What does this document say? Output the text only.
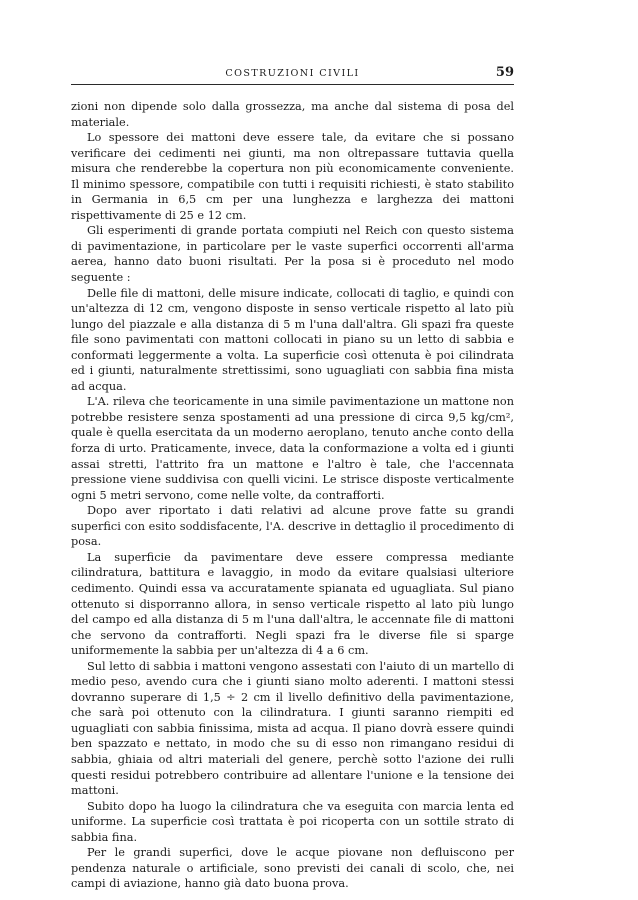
COSTRUZIONI CIVILI	59

zioni non dipende solo dalla grossezza, ma anche dal sistema di posa del materiale.

Lo spessore dei mattoni deve essere tale, da evitare che si possano verificare dei cedimenti nei giunti, ma non oltrepassare tuttavia quella misura che renderebbe la copertura non più economicamente conveniente. Il minimo spessore, compatibile con tutti i requisiti richiesti, è stato stabilito in Germania in 6,5 cm per una lunghezza e larghezza dei mattoni rispettivamente di 25 e 12 cm.

Gli esperimenti di grande portata compiuti nel Reich con questo sistema di pavimentazione, in particolare per le vaste superfici occorrenti all'arma aerea, hanno dato buoni risultati. Per la posa si è proceduto nel modo seguente :

Delle file di mattoni, delle misure indicate, collocati di taglio, e quindi con un'altezza di 12 cm, vengono disposte in senso verticale rispetto al lato più lungo del piazzale e alla distanza di 5 m l'una dall'altra. Gli spazi fra queste file sono pavimentati con mattoni collocati in piano su un letto di sabbia e conformati leggermente a volta. La superficie così ottenuta è poi cilindrata ed i giunti, naturalmente strettissimi, sono uguagliati con sabbia fina mista ad acqua.

L'A. rileva che teoricamente in una simile pavimentazione un mattone non potrebbe resistere senza spostamenti ad una pressione di circa 9,5 kg/cm², quale è quella esercitata da un moderno aeroplano, tenuto anche conto della forza di urto. Praticamente, invece, data la conformazione a volta ed i giunti assai stretti, l'attrito fra un mattone e l'altro è tale, che l'accennata pressione viene suddivisa con quelli vicini. Le strisce disposte verticalmente ogni 5 metri servono, come nelle volte, da contrafforti.

Dopo aver riportato i dati relativi ad alcune prove fatte su grandi superfici con esito soddisfacente, l'A. descrive in dettaglio il procedimento di posa.

La superficie da pavimentare deve essere compressa mediante cilindratura, battitura e lavaggio, in modo da evitare qualsiasi ulteriore cedimento. Quindi essa va accuratamente spianata ed uguagliata. Sul piano ottenuto si disporranno allora, in senso verticale rispetto al lato più lungo del campo ed alla distanza di 5 m l'una dall'altra, le accennate file di mattoni che servono da contrafforti. Negli spazi fra le diverse file si sparge uniformemente la sabbia per un'altezza di 4 a 6 cm.

Sul letto di sabbia i mattoni vengono assestati con l'aiuto di un martello di medio peso, avendo cura che i giunti siano molto aderenti. I mattoni stessi dovranno superare di 1,5 ÷ 2 cm il livello definitivo della pavimentazione, che sarà poi ottenuto con la cilindratura. I giunti saranno riempiti ed uguagliati con sabbia finissima, mista ad acqua. Il piano dovrà essere quindi ben spazzato e nettato, in modo che su di esso non rimangano residui di sabbia, ghiaia od altri materiali del genere, perchè sotto l'azione dei rulli questi residui potrebbero contribuire ad allentare l'unione e la tensione dei mattoni.

Subito dopo ha luogo la cilindratura che va eseguita con marcia lenta ed uniforme. La superficie così trattata è poi ricoperta con un sottile strato di sabbia fina.

Per le grandi superfici, dove le acque piovane non defluiscono per pendenza naturale o artificiale, sono previsti dei canali di scolo, che, nei campi di aviazione, hanno già dato buona prova.
